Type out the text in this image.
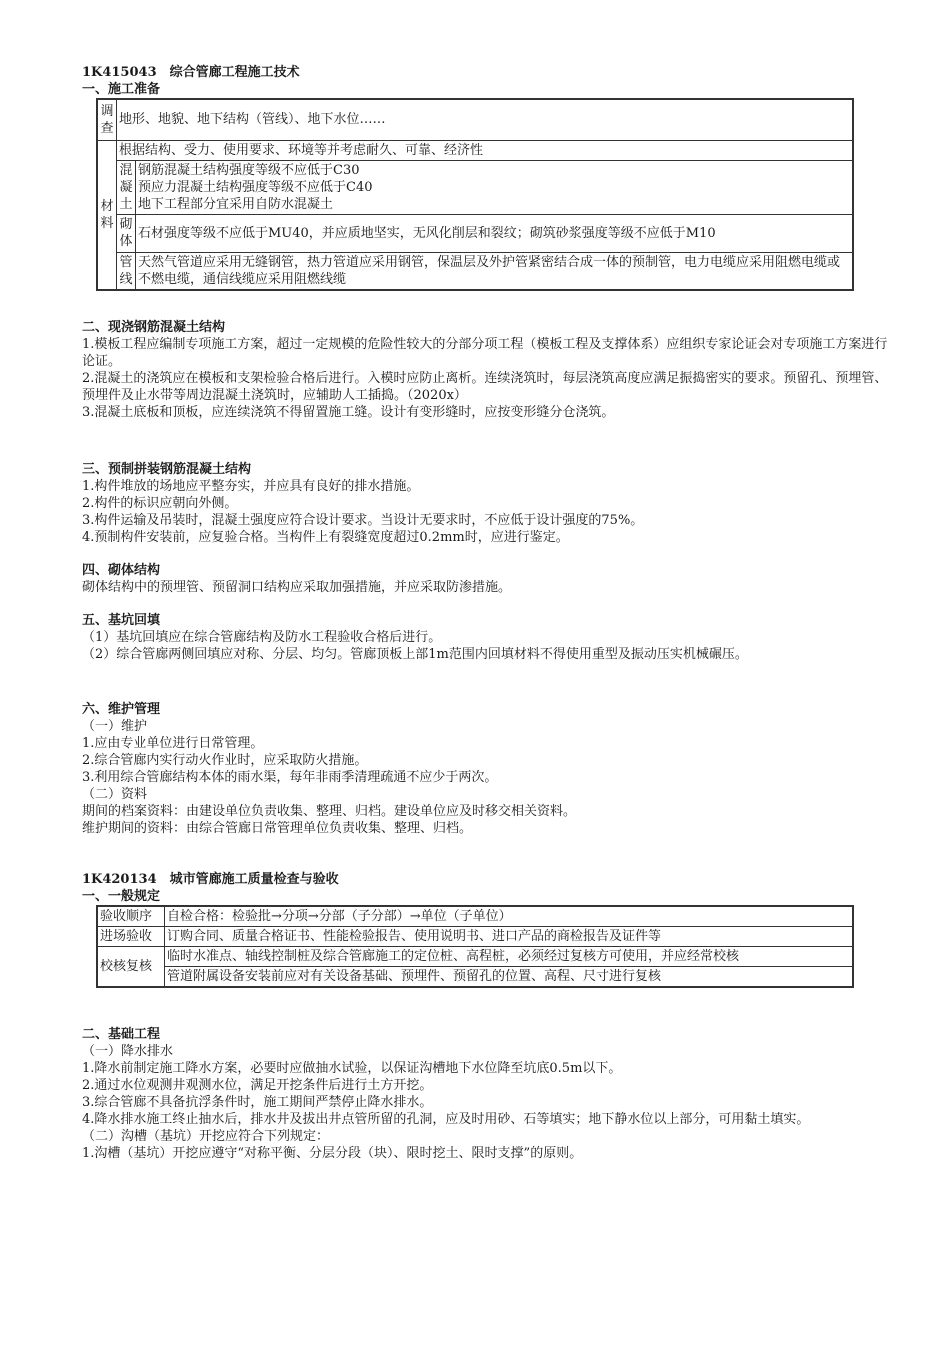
1K415043　综合管廊工程施工技术

一、施工准备

调查	地形、地貌、地下结构（管线）、地下水位……	
材料	根据结构、受力、使用要求、环境等并考虑耐久、可靠、经济性	
	混凝土	钢筋混凝土结构强度等级不应低于C30
预应力混凝土结构强度等级不应低于C40
地下工程部分宜采用自防水混凝土

	砌体	石材强度等级不应低于MU40，并应质地坚实，无风化削层和裂纹；砌筑砂浆强度等级不应低于M10
	管线	天然气管道应采用无缝钢管，热力管道应采用钢管，保温层及外护管紧密结合成一体的预制管，电力电缆应采用阻燃电缆或不燃电缆，通信线缆应采用阻燃线缆

二、现浇钢筋混凝土结构

1.模板工程应编制专项施工方案，超过一定规模的危险性较大的分部分项工程（模板工程及支撑体系）应组织专家论证会对专项施工方案进行论证。

2.混凝土的浇筑应在模板和支架检验合格后进行。入模时应防止离析。连续浇筑时，每层浇筑高度应满足振捣密实的要求。预留孔、预埋管、预埋件及止水带等周边混凝土浇筑时，应辅助人工插捣。（2020x）

3.混凝土底板和顶板，应连续浇筑不得留置施工缝。设计有变形缝时，应按变形缝分仓浇筑。

三、预制拼装钢筋混凝土结构

1.构件堆放的场地应平整夯实，并应具有良好的排水措施。

2.构件的标识应朝向外侧。

3.构件运输及吊装时，混凝土强度应符合设计要求。当设计无要求时，不应低于设计强度的75%。

4.预制构件安装前，应复验合格。当构件上有裂缝宽度超过0.2mm时，应进行鉴定。

四、砌体结构

砌体结构中的预埋管、预留洞口结构应采取加强措施，并应采取防渗措施。

五、基坑回填

（1）基坑回填应在综合管廊结构及防水工程验收合格后进行。

（2）综合管廊两侧回填应对称、分层、均匀。管廊顶板上部1m范围内回填材料不得使用重型及振动压实机械碾压。

六、维护管理

（一）维护

1.应由专业单位进行日常管理。

2.综合管廊内实行动火作业时，应采取防火措施。

3.利用综合管廊结构本体的雨水渠，每年非雨季清理疏通不应少于两次。

（二）资料

期间的档案资料：由建设单位负责收集、整理、归档。建设单位应及时移交相关资料。

维护期间的资料：由综合管廊日常管理单位负责收集、整理、归档。

1K420134　城市管廊施工质量检查与验收

一、一般规定

验收顺序	自检合格：检验批→分项→分部（子分部）→单位（子单位）
进场验收	订购合同、质量合格证书、性能检验报告、使用说明书、进口产品的商检报告及证件等
校核复核	临时水准点、轴线控制桩及综合管廊施工的定位桩、高程桩，必须经过复核方可使用，并应经常校核
	管道附属设备安装前应对有关设备基础、预埋件、预留孔的位置、高程、尺寸进行复核

二、基础工程

（一）降水排水

1.降水前制定施工降水方案，必要时应做抽水试验，以保证沟槽地下水位降至坑底0.5m以下。

2.通过水位观测井观测水位，满足开挖条件后进行土方开挖。

3.综合管廊不具备抗浮条件时，施工期间严禁停止降水排水。

4.降水排水施工终止抽水后，排水井及拔出井点管所留的孔洞，应及时用砂、石等填实；地下静水位以上部分，可用黏土填实。

（二）沟槽（基坑）开挖应符合下列规定：

1.沟槽（基坑）开挖应遵守“对称平衡、分层分段（块）、限时挖土、限时支撑”的原则。
